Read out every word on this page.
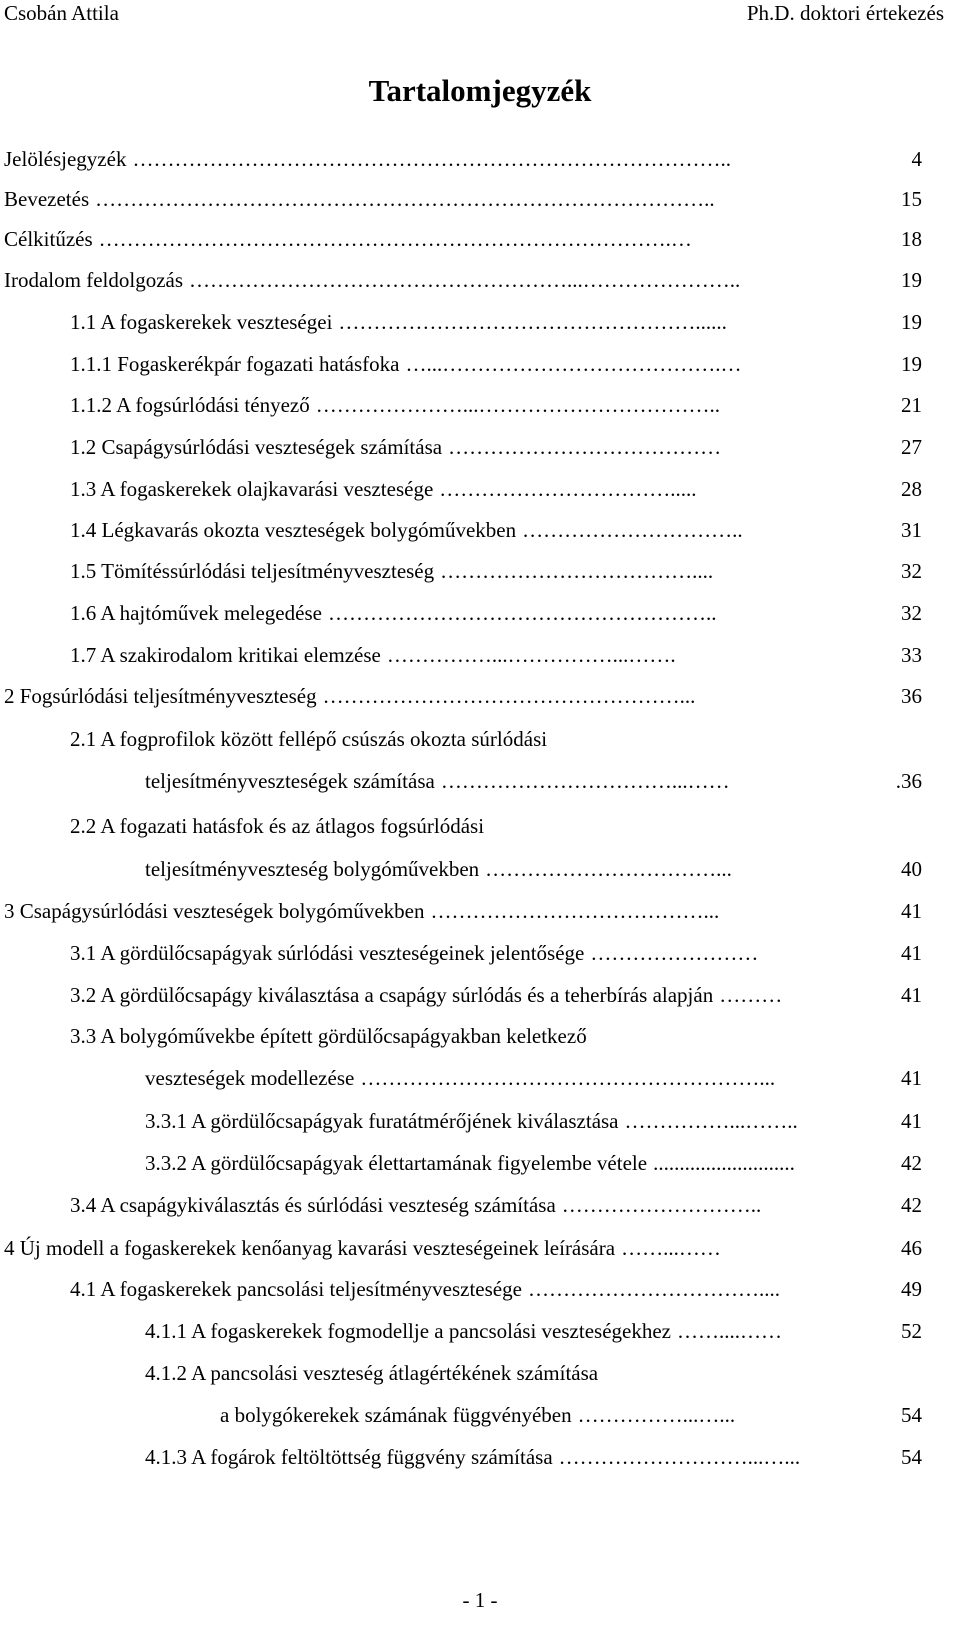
Csobán Attila	Ph.D. doktori értekezés
Tartalomjegyzék
Jelölésjegyzék	4
…………………………………………………………………………..
Bevezetés	15
……………………………………………………………………………..
Célkitűzés	18
……………………………………………………………………….…
Irodalom feldolgozás	19
………………………………………………...…………………..
1.1 A fogaskerekek veszteségei	19
……………………………………………......
1.1.1 Fogaskerékpár fogazati hatásfoka	19
…...………………………………….…
1.1.2 A fogsúrlódási tényező	21
…………………...……………………………..
1.2 Csapágysúrlódási veszteségek számítása	27
…………………………………
1.3 A fogaskerekek olajkavarási vesztesége	28
…………………………….....
1.4 Légkavarás okozta veszteségek bolygóművekben	31
…………………………..
1.5 Tömítéssúrlódási teljesítményveszteség	32
………………………………....
1.6 A hajtóművek melegedése	32
………………………………………………..
1.7 A szakirodalom kritikai elemzése	33
……………...……………...…….
2 Fogsúrlódási teljesítményveszteség	36
……………………………………………...
2.1 A fogprofilok között fellépő csúszás okozta súrlódási
teljesítményveszteségek számítása	.36
……………………………...……
2.2 A fogazati hatásfok és az átlagos fogsúrlódási
teljesítményveszteség bolygóművekben	40
……………………………...
3 Csapágysúrlódási veszteségek bolygóművekben	41
…………………………………...
3.1 A gördülőcsapágyak súrlódási veszteségeinek jelentősége	41
……………………
3.2 A gördülőcsapágy kiválasztása a csapágy súrlódás és a teherbírás alapján	41
………
3.3 A bolygóművekbe épített gördülőcsapágyakban keletkező
veszteségek modellezése	41
…………………………………………………...
3.3.1 A gördülőcsapágyak furatátmérőjének kiválasztása	41
……………...……..
3.3.2 A gördülőcsapágyak élettartamának figyelembe vétele	42
...........................
3.4 A csapágykiválasztás és súrlódási veszteség számítása	42
………………………..
4 Új modell a fogaskerekek kenőanyag kavarási veszteségeinek leírására	46
……...……
4.1 A fogaskerekek pancsolási teljesítményvesztesége	49
……………………………....
4.1.1 A fogaskerekek fogmodellje a pancsolási veszteségekhez	52
……....……
4.1.2 A pancsolási veszteség átlagértékének számítása
a bolygókerekek számának függvényében	54
……………...…...
4.1.3 A fogárok feltöltöttség függvény számítása	54
………………………...…...
- 1 -
